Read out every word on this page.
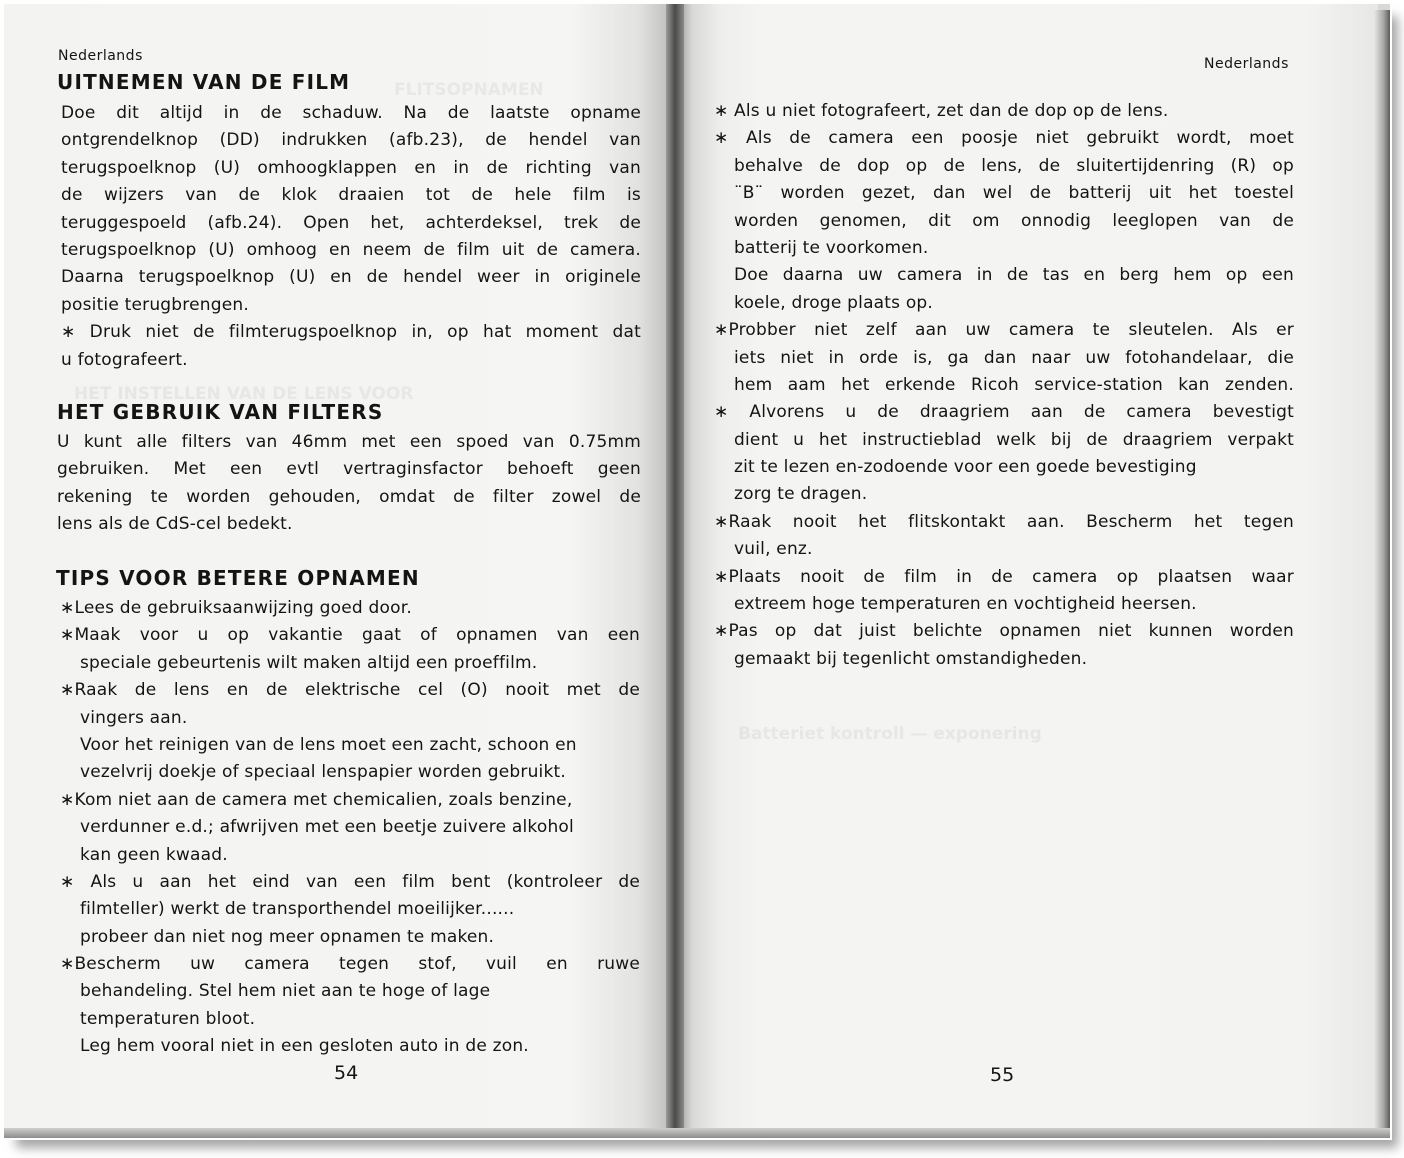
FLITSOPNAMEN
HET INSTELLEN VAN DE LENS VOOR
Nederlands
UITNEMEN VAN DE FILM
Doe dit altijd in de schaduw. Na de laatste opname
ontgrendelknop (DD) indrukken (afb.23), de hendel van
terugspoelknop (U) omhoogklappen en in de richting van
de wijzers van de klok draaien tot de hele film is
teruggespoeld (afb.24). Open het, achterdeksel, trek de
terugspoelknop (U) omhoog en neem de film uit de camera.
Daarna terugspoelknop (U) en de hendel weer in originele
positie terugbrengen.
∗ Druk niet de filmterugspoelknop in, op hat moment dat
u fotografeert.
HET GEBRUIK VAN FILTERS
U kunt alle filters van 46mm met een spoed van 0.75mm
gebruiken. Met een evtl vertraginsfactor behoeft geen
rekening te worden gehouden, omdat de filter zowel de
lens als de CdS-cel bedekt.
TIPS VOOR BETERE OPNAMEN
∗Lees de gebruiksaanwijzing goed door.
∗Maak voor u op vakantie gaat of opnamen van een
speciale gebeurtenis wilt maken altijd een proeffilm.
∗Raak de lens en de elektrische cel (O) nooit met de
vingers aan.
Voor het reinigen van de lens moet een zacht, schoon en
vezelvrij doekje of speciaal lenspapier worden gebruikt.
∗Kom niet aan de camera met chemicalien, zoals benzine,
verdunner e.d.; afwrijven met een beetje zuivere alkohol
kan geen kwaad.
∗ Als u aan het eind van een film bent (kontroleer de
filmteller) werkt de transporthendel moeilijker......
probeer dan niet nog meer opnamen te maken.
∗Bescherm uw camera tegen stof, vuil en ruwe
behandeling. Stel hem niet aan te hoge of lage
temperaturen bloot.
Leg hem vooral niet in een gesloten auto in de zon.
54
Batteriet kontroll — exponering
Nederlands
∗ Als u niet fotografeert, zet dan de dop op de lens.
∗ Als de camera een poosje niet gebruikt wordt, moet
behalve de dop op de lens, de sluitertijdenring (R) op
¨B¨ worden gezet, dan wel de batterij uit het toestel
worden genomen, dit om onnodig leeglopen van de
batterij te voorkomen.
Doe daarna uw camera in de tas en berg hem op een
koele, droge plaats op.
∗Probber niet zelf aan uw camera te sleutelen. Als er
iets niet in orde is, ga dan naar uw fotohandelaar, die
hem aam het erkende Ricoh service-station kan zenden.
∗ Alvorens u de draagriem aan de camera bevestigt
dient u het instructieblad welk bij de draagriem verpakt
zit te lezen en-zodoende voor een goede bevestiging
zorg te dragen.
∗Raak nooit het flitskontakt aan. Bescherm het tegen
vuil, enz.
∗Plaats nooit de film in de camera op plaatsen waar
extreem hoge temperaturen en vochtigheid heersen.
∗Pas op dat juist belichte opnamen niet kunnen worden
gemaakt bij tegenlicht omstandigheden.
55
